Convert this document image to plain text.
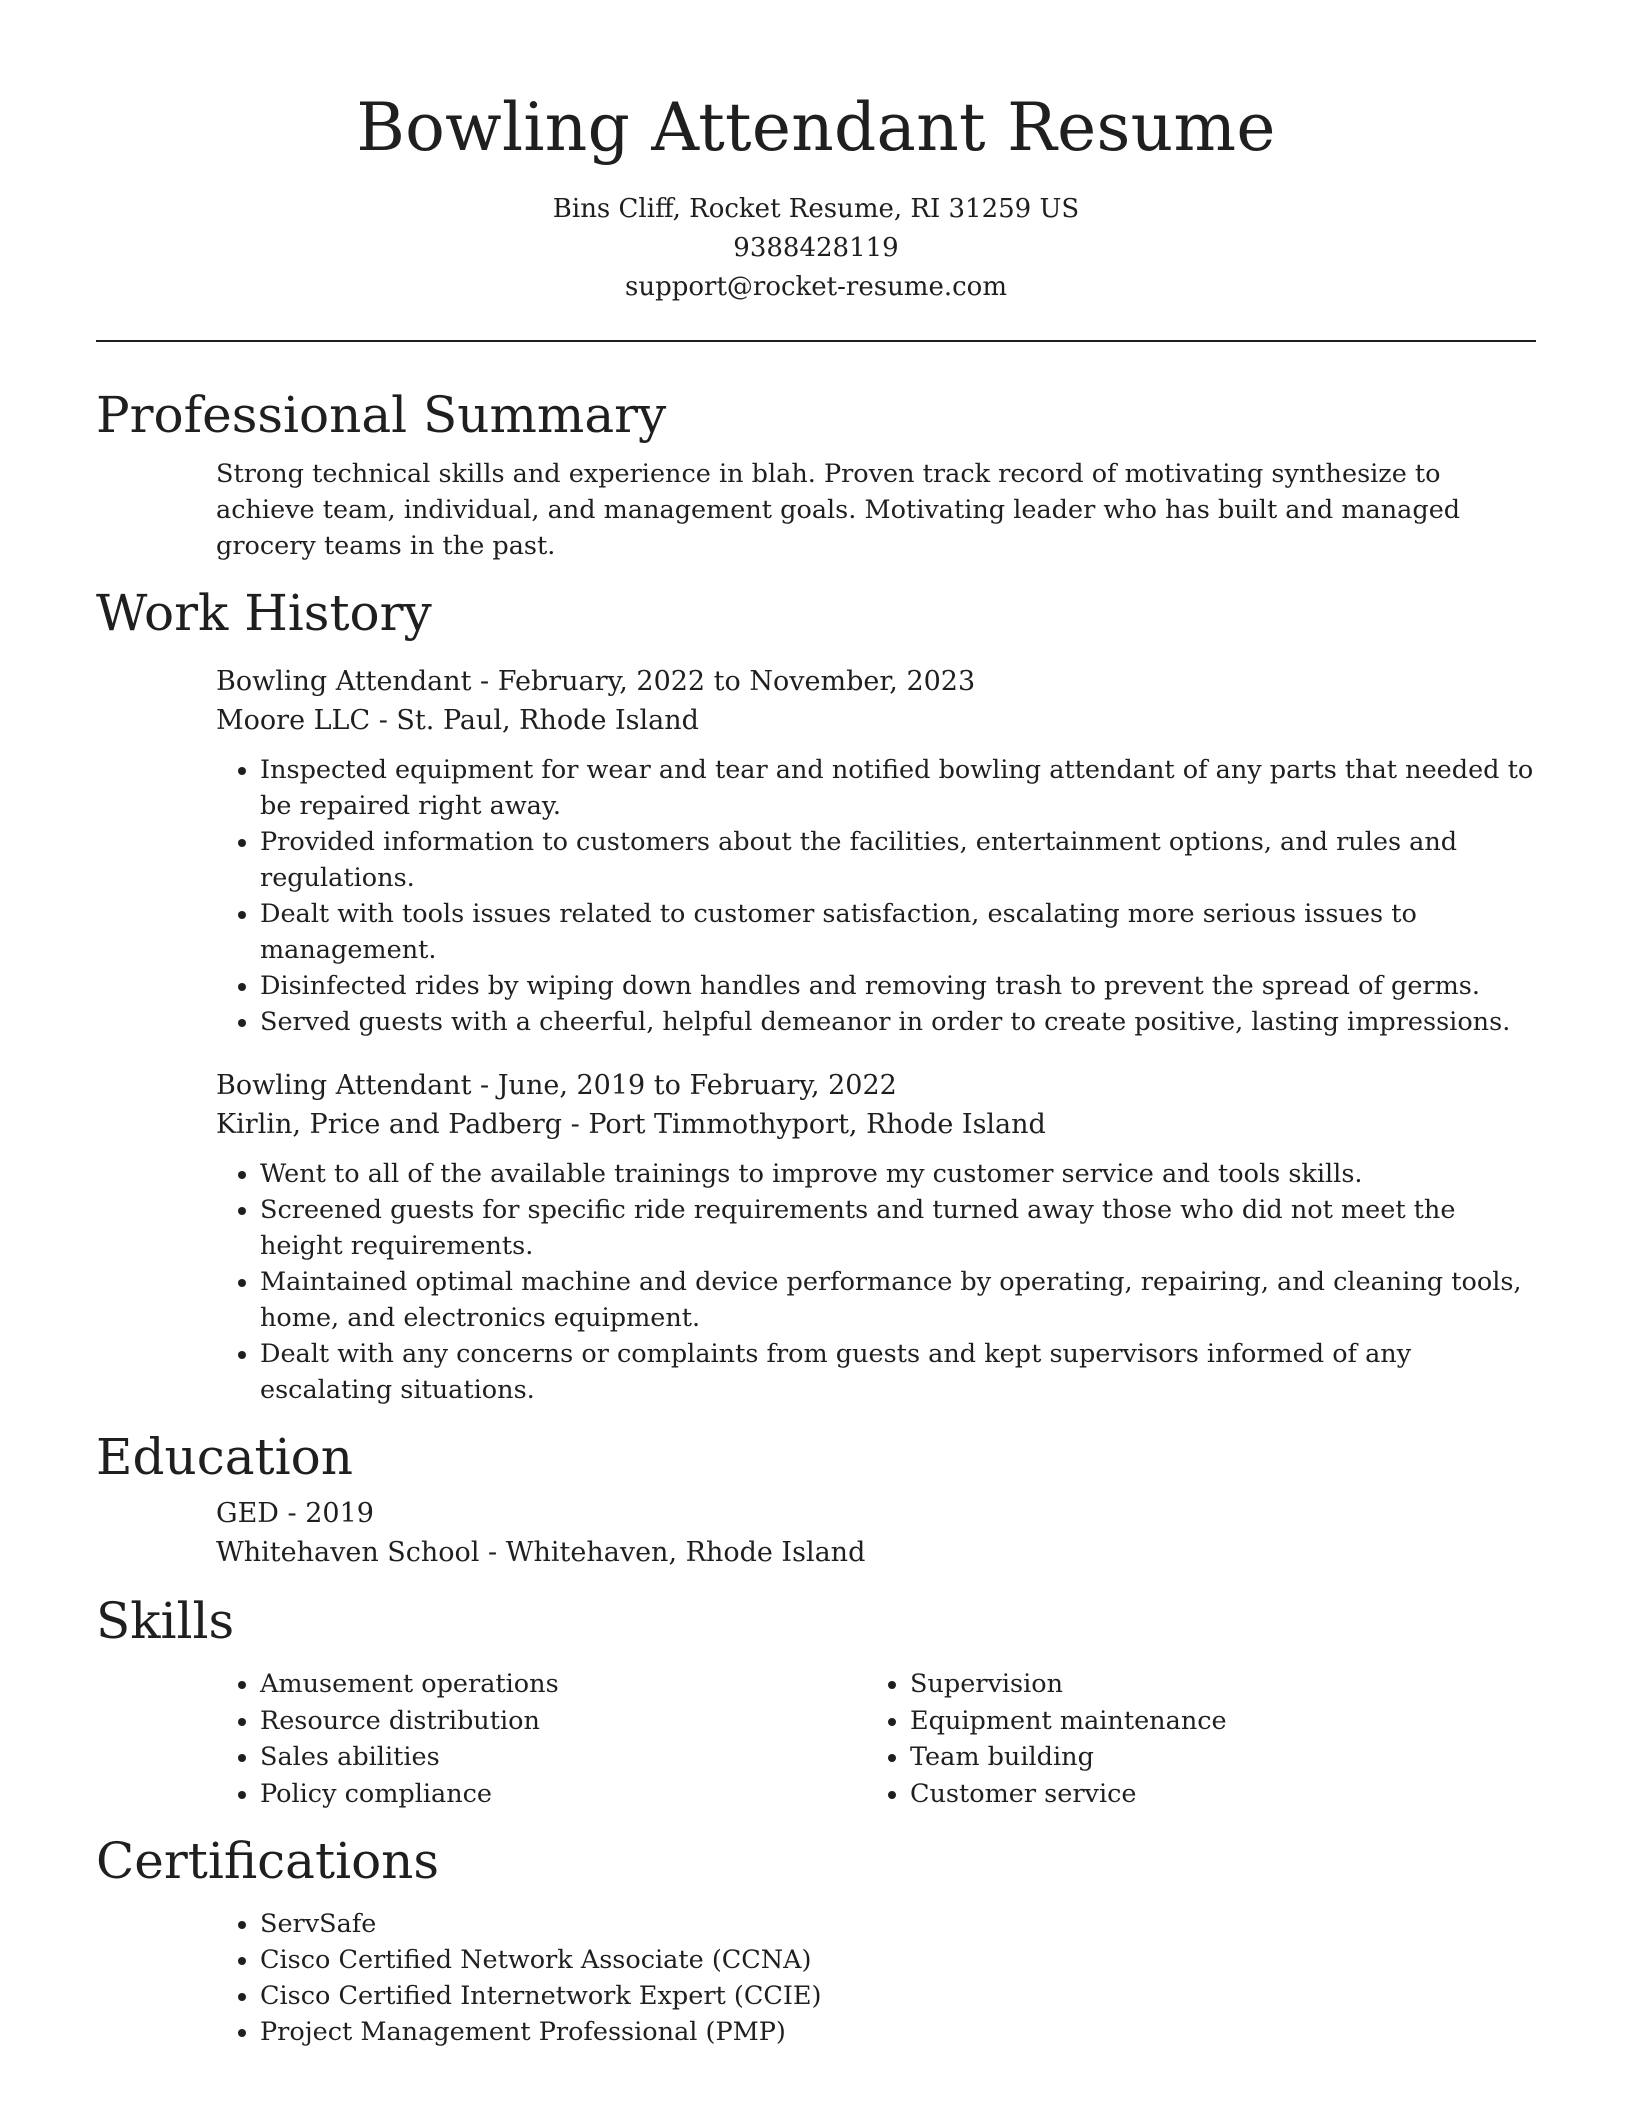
Bowling Attendant Resume
Bins Cliff, Rocket Resume, RI 31259 US
9388428119
support@rocket-resume.com
Professional Summary

Strong technical skills and experience in blah. Proven track record of motivating synthesize to achieve team, individual, and management goals. Motivating leader who has built and managed grocery teams in the past.

Work History
Bowling Attendant - February, 2022 to November, 2023
Moore LLC - St. Paul, Rhode Island
• Inspected equipment for wear and tear and notified bowling attendant of any parts that needed to be repaired right away.
• Provided information to customers about the facilities, entertainment options, and rules and regulations.
• Dealt with tools issues related to customer satisfaction, escalating more serious issues to management.
• Disinfected rides by wiping down handles and removing trash to prevent the spread of germs.
• Served guests with a cheerful, helpful demeanor in order to create positive, lasting impressions.
Bowling Attendant - June, 2019 to February, 2022
Kirlin, Price and Padberg - Port Timmothyport, Rhode Island
• Went to all of the available trainings to improve my customer service and tools skills.
• Screened guests for specific ride requirements and turned away those who did not meet the height requirements.
• Maintained optimal machine and device performance by operating, repairing, and cleaning tools, home, and electronics equipment.
• Dealt with any concerns or complaints from guests and kept supervisors informed of any escalating situations.
Education
GED - 2019
Whitehaven School - Whitehaven, Rhode Island
Skills
• Amusement operations
• Resource distribution
• Sales abilities
• Policy compliance
• Supervision
• Equipment maintenance
• Team building
• Customer service
Certifications
• ServSafe
• Cisco Certified Network Associate (CCNA)
• Cisco Certified Internetwork Expert (CCIE)
• Project Management Professional (PMP)
